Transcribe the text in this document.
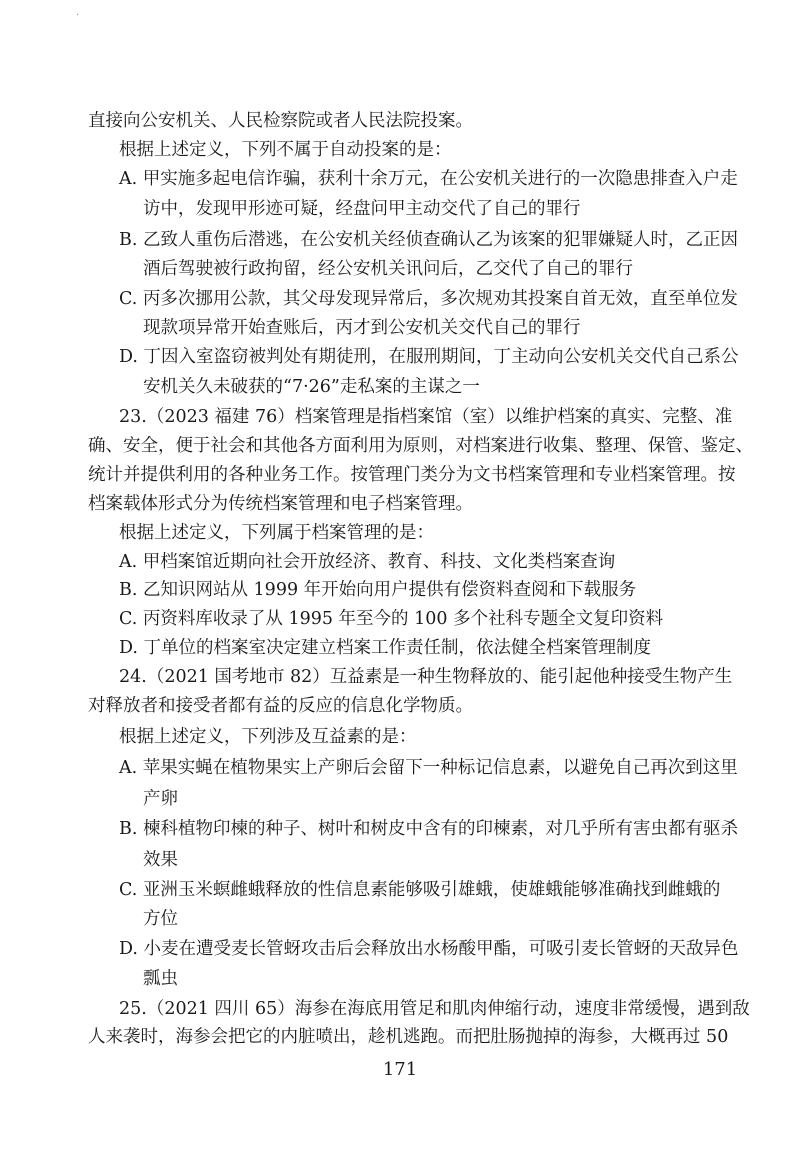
·
直接向公安机关、人民检察院或者人民法院投案。
根据上述定义，下列不属于自动投案的是：
A. 甲实施多起电信诈骗，获利十余万元，在公安机关进行的一次隐患排查入户走
访中，发现甲形迹可疑，经盘问甲主动交代了自己的罪行
B. 乙致人重伤后潜逃，在公安机关经侦查确认乙为该案的犯罪嫌疑人时，乙正因
酒后驾驶被行政拘留，经公安机关讯问后，乙交代了自己的罪行
C. 丙多次挪用公款，其父母发现异常后，多次规劝其投案自首无效，直至单位发
现款项异常开始查账后，丙才到公安机关交代自己的罪行
D. 丁因入室盗窃被判处有期徒刑，在服刑期间，丁主动向公安机关交代自己系公
安机关久未破获的“7·26”走私案的主谋之一
23.（2023 福建 76）档案管理是指档案馆（室）以维护档案的真实、完整、准
确、安全，便于社会和其他各方面利用为原则，对档案进行收集、整理、保管、鉴定、
统计并提供利用的各种业务工作。按管理门类分为文书档案管理和专业档案管理。按
档案载体形式分为传统档案管理和电子档案管理。
根据上述定义，下列属于档案管理的是：
A. 甲档案馆近期向社会开放经济、教育、科技、文化类档案查询
B. 乙知识网站从 1999 年开始向用户提供有偿资料查阅和下载服务
C. 丙资料库收录了从 1995 年至今的 100 多个社科专题全文复印资料
D. 丁单位的档案室决定建立档案工作责任制，依法健全档案管理制度
24.（2021 国考地市 82）互益素是一种生物释放的、能引起他种接受生物产生
对释放者和接受者都有益的反应的信息化学物质。
根据上述定义，下列涉及互益素的是：
A. 苹果实蝇在植物果实上产卵后会留下一种标记信息素，以避免自己再次到这里
产卵
B. 楝科植物印楝的种子、树叶和树皮中含有的印楝素，对几乎所有害虫都有驱杀
效果
C. 亚洲玉米螟雌蛾释放的性信息素能够吸引雄蛾，使雄蛾能够准确找到雌蛾的
方位
D. 小麦在遭受麦长管蚜攻击后会释放出水杨酸甲酯，可吸引麦长管蚜的天敌异色
瓢虫
25.（2021 四川 65）海参在海底用管足和肌肉伸缩行动，速度非常缓慢，遇到敌
人来袭时，海参会把它的内脏喷出，趁机逃跑。而把肚肠抛掉的海参，大概再过 50
171
